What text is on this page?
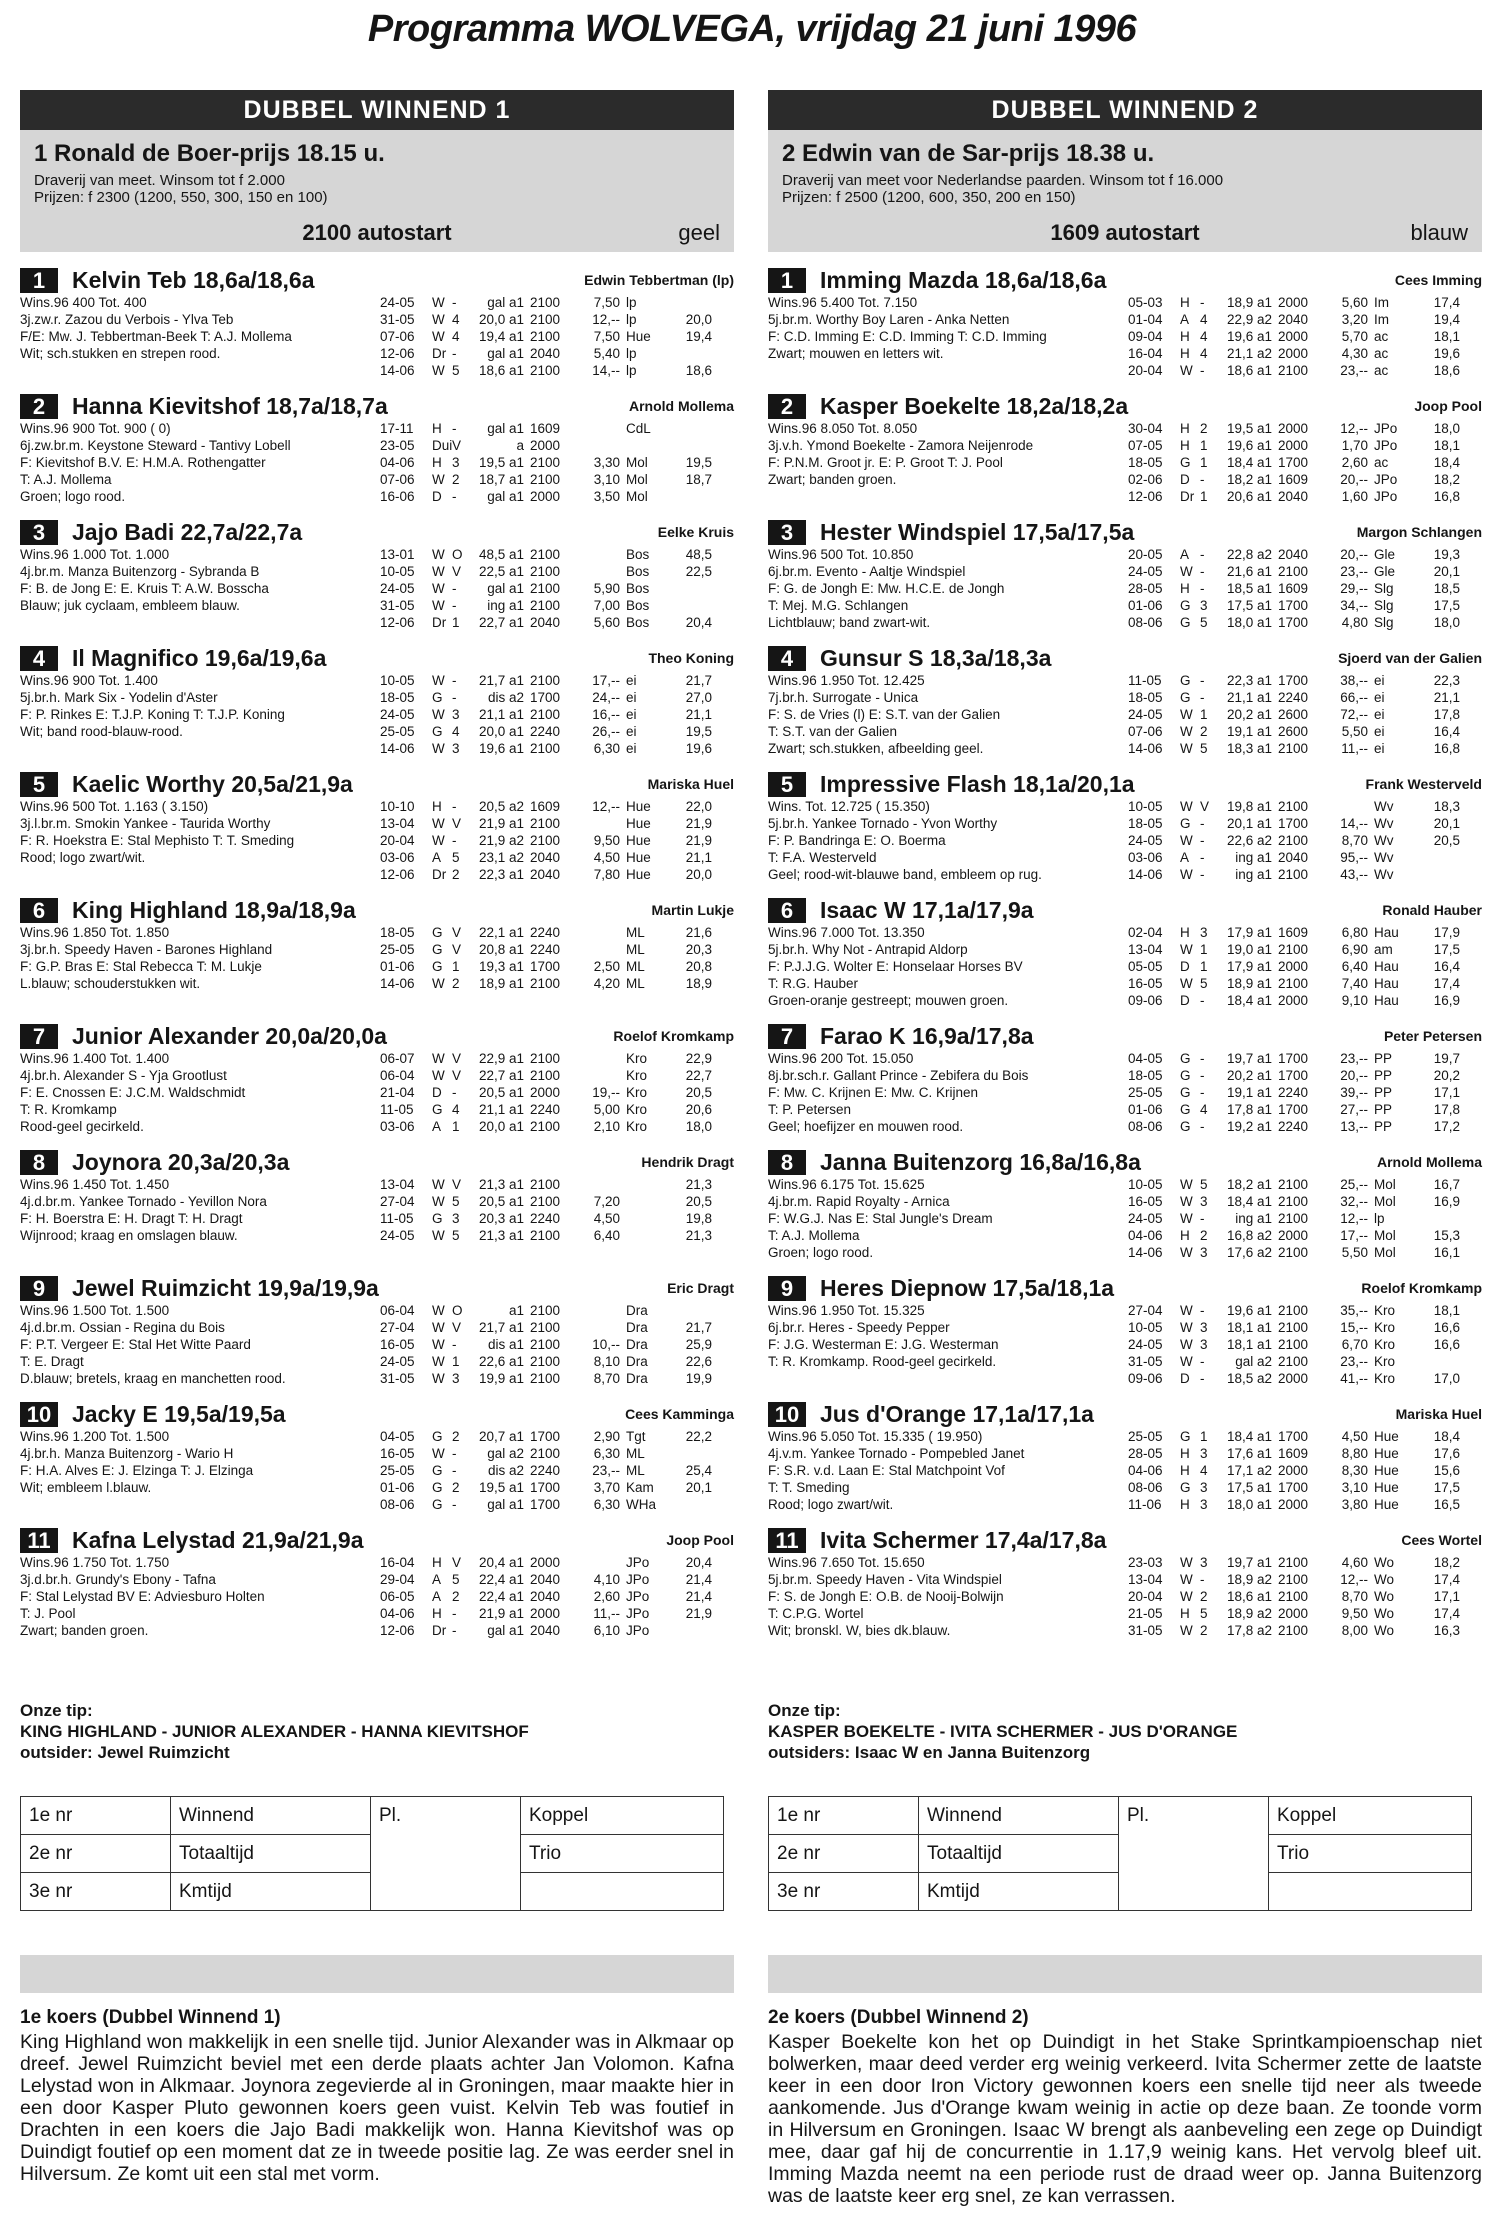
Programma WOLVEGA, vrijdag 21 juni 1996
DUBBEL WINNEND 1
1 Ronald de Boer-prijs 18.15 u.
Draverij van meet. Winsom tot f 2.000
Prijzen: f 2300 (1200, 550, 300, 150 en 100)
2100 autostart	geel
1	Kelvin Teb 18,6a/18,6a	Edwin Tebbertman (lp)
Wins.96 400 Tot. 400
3j.zw.r. Zazou du Verbois - Ylva Teb
F/E: Mw. J. Tebbertman-Beek T: A.J. Mollema
Wit; sch.stukken en strepen rood.
24-05	W -	gal a1 2100	7,50 lp
31-05	W 4	20,0 a1 2100	12,-- lp	20,0
07-06	W 4	19,4 a1 2100	7,50 Hue	19,4
12-06	Dr -	gal a1 2040	5,40 lp
14-06	W 5	18,6 a1 2100	14,-- lp	18,6
2	Hanna Kievitshof 18,7a/18,7a	Arnold Mollema
Wins.96 900 Tot. 900 ( 0)
6j.zw.br.m. Keystone Steward - Tantivy Lobell
F: Kievitshof B.V. E: H.M.A. Rothengatter
T: A.J. Mollema
Groen; logo rood.
17-11	H -	gal a1 1609	CdL
23-05	Dui V	a 2000
04-06	H 3	19,5 a1 2100	3,30 Mol	19,5
07-06	W 2	18,7 a1 2100	3,10 Mol	18,7
16-06	D -	gal a1 2000	3,50 Mol
3	Jajo Badi 22,7a/22,7a	Eelke Kruis
Wins.96 1.000 Tot. 1.000
4j.br.m. Manza Buitenzorg - Sybranda B
F: B. de Jong E: E. Kruis T: A.W. Bosscha
Blauw; juk cyclaam, embleem blauw.
13-01	W O	48,5 a1 2100	Bos	48,5
10-05	W V	22,5 a1 2100	Bos	22,5
24-05	W -	gal a1 2100	5,90 Bos
31-05	W -	ing a1 2100	7,00 Bos
12-06	Dr 1	22,7 a1 2040	5,60 Bos	20,4
4	Il Magnifico 19,6a/19,6a	Theo Koning
Wins.96 900 Tot. 1.400
5j.br.h. Mark Six - Yodelin d'Aster
F: P. Rinkes E: T.J.P. Koning T: T.J.P. Koning
Wit; band rood-blauw-rood.
10-05	W -	21,7 a1 2100	17,-- ei	21,7
18-05	G -	dis a2 1700	24,-- ei	27,0
24-05	W 3	21,1 a1 2100	16,-- ei	21,1
25-05	G 4	20,0 a1 2240	26,-- ei	19,5
14-06	W 3	19,6 a1 2100	6,30 ei	19,6
5	Kaelic Worthy 20,5a/21,9a	Mariska Huel
Wins.96 500 Tot. 1.163 ( 3.150)
3j.l.br.m. Smokin Yankee - Taurida Worthy
F: R. Hoekstra E: Stal Mephisto T: T. Smeding
Rood; logo zwart/wit.
10-10	H -	20,5 a2 1609	12,-- Hue	22,0
13-04	W V	21,9 a1 2100	Hue	21,9
20-04	W -	21,9 a2 2100	9,50 Hue	21,9
03-06	A 5	23,1 a2 2040	4,50 Hue	21,1
12-06	Dr 2	22,3 a1 2040	7,80 Hue	20,0
6	King Highland 18,9a/18,9a	Martin Lukje
Wins.96 1.850 Tot. 1.850
3j.br.h. Speedy Haven - Barones Highland
F: G.P. Bras E: Stal Rebecca T: M. Lukje
L.blauw; schouderstukken wit.
18-05	G V	22,1 a1 2240	ML	21,6
25-05	G V	20,8 a1 2240	ML	20,3
01-06	G 1	19,3 a1 1700	2,50 ML	20,8
14-06	W 2	18,9 a1 2100	4,20 ML	18,9
7	Junior Alexander 20,0a/20,0a	Roelof Kromkamp
Wins.96 1.400 Tot. 1.400
4j.br.h. Alexander S - Yja Grootlust
F: E. Cnossen E: J.C.M. Waldschmidt
T: R. Kromkamp
Rood-geel gecirkeld.
06-07	W V	22,9 a1 2100	Kro	22,9
06-04	W V	22,7 a1 2100	Kro	22,7
21-04	D -	20,5 a1 2000	19,-- Kro	20,5
11-05	G 4	21,1 a1 2240	5,00 Kro	20,6
03-06	A 1	20,0 a1 2100	2,10 Kro	18,0
8	Joynora 20,3a/20,3a	Hendrik Dragt
Wins.96 1.450 Tot. 1.450
4j.d.br.m. Yankee Tornado - Yevillon Nora
F: H. Boerstra E: H. Dragt T: H. Dragt
Wijnrood; kraag en omslagen blauw.
13-04	W V	21,3 a1 2100	21,3
27-04	W 5	20,5 a1 2100	7,20	20,5
11-05	G 3	20,3 a1 2240	4,50	19,8
24-05	W 5	21,3 a1 2100	6,40	21,3
9	Jewel Ruimzicht 19,9a/19,9a	Eric Dragt
Wins.96 1.500 Tot. 1.500
4j.d.br.m. Ossian - Regina du Bois
F: P.T. Vergeer E: Stal Het Witte Paard
T: E. Dragt
D.blauw; bretels, kraag en manchetten rood.
06-04	W O	a1 2100	Dra
27-04	W V	21,7 a1 2100	Dra	21,7
16-05	W -	dis a1 2100	10,-- Dra	25,9
24-05	W 1	22,6 a1 2100	8,10 Dra	22,6
31-05	W 3	19,9 a1 2100	8,70 Dra	19,9
10 Jacky E 19,5a/19,5a	Cees Kamminga
Wins.96 1.200 Tot. 1.500
4j.br.h. Manza Buitenzorg - Wario H
F: H.A. Alves E: J. Elzinga T: J. Elzinga
Wit; embleem l.blauw.
04-05	G 2	20,7 a1 1700	2,90 Tgt	22,2
16-05	W -	gal a2 2100	6,30 ML
25-05	G -	dis a2 2240	23,-- ML	25,4
01-06	G 2	19,5 a1 1700	3,70 Kam	20,1
08-06	G -	gal a1 1700	6,30 WHa
11 Kafna Lelystad 21,9a/21,9a	Joop Pool
Wins.96 1.750 Tot. 1.750
3j.d.br.h. Grundy's Ebony - Tafna
F: Stal Lelystad BV E: Adviesburo Holten
T: J. Pool
Zwart; banden groen.
16-04	H V	20,4 a1 2000	JPo	20,4
29-04	A 5	22,4 a1 2040	4,10 JPo	21,4
06-05	A 2	22,4 a1 2040	2,60 JPo	21,4
04-06	H -	21,9 a1 2000	11,-- JPo	21,9
12-06	Dr -	gal a1 2040	6,10 JPo
Onze tip:
KING HIGHLAND - JUNIOR ALEXANDER - HANNA KIEVITSHOF
outsider: Jewel Ruimzicht
1e nr	Winnend	Pl.	Koppel
2e nr	Totaaltijd		Trio
3e nr	Kmtijd		
1e koers (Dubbel Winnend 1)
King Highland won makkelijk in een snelle tijd. Junior Alexander was in Alkmaar op dreef. Jewel Ruimzicht beviel met een derde plaats achter Jan Volomon. Kafna Lelystad won in Alkmaar. Joynora zegevierde al in Groningen, maar maakte hier in een door Kasper Pluto gewonnen koers geen vuist. Kelvin Teb was foutief in Drachten in een koers die Jajo Badi makkelijk won. Hanna Kievitshof was op Duindigt foutief op een moment dat ze in tweede positie lag. Ze was eerder snel in Hilversum. Ze komt uit een stal met vorm.
DUBBEL WINNEND 2
2 Edwin van de Sar-prijs 18.38 u.
Draverij van meet voor Nederlandse paarden. Winsom tot f 16.000
Prijzen: f 2500 (1200, 600, 350, 200 en 150)
1609 autostart	blauw
1	Imming Mazda 18,6a/18,6a	Cees Imming
Wins.96 5.400 Tot. 7.150
5j.br.m. Worthy Boy Laren - Anka Netten
F: C.D. Imming E: C.D. Imming T: C.D. Imming
Zwart; mouwen en letters wit.
05-03	H -	18,9 a1 2000	5,60 Im	17,4
01-04	A 4	22,9 a2 2040	3,20 Im	19,4
09-04	H 4	19,6 a1 2000	5,70 ac	18,1
16-04	H 4	21,1 a2 2000	4,30 ac	19,6
20-04	W -	18,6 a1 2100	23,-- ac	18,6
2	Kasper Boekelte 18,2a/18,2a	Joop Pool
Wins.96 8.050 Tot. 8.050
3j.v.h. Ymond Boekelte - Zamora Neijenrode
F: P.N.M. Groot jr. E: P. Groot T: J. Pool
Zwart; banden groen.
30-04	H 2	19,5 a1 2000	12,-- JPo	18,0
07-05	H 1	19,6 a1 2000	1,70 JPo	18,1
18-05	G 1	18,4 a1 1700	2,60 ac	18,4
02-06	D -	18,2 a1 1609	20,-- JPo	18,2
12-06	Dr 1	20,6 a1 2040	1,60 JPo	16,8
3	Hester Windspiel 17,5a/17,5a	Margon Schlangen
Wins.96 500 Tot. 10.850
6j.br.m. Evento - Aaltje Windspiel
F: G. de Jongh E: Mw. H.C.E. de Jongh
T: Mej. M.G. Schlangen
Lichtblauw; band zwart-wit.
20-05	A -	22,8 a2 2040	20,-- Gle	19,3
24-05	W -	21,6 a1 2100	23,-- Gle	20,1
28-05	H -	18,5 a1 1609	29,-- Slg	18,5
01-06	G 3	17,5 a1 1700	34,-- Slg	17,5
08-06	G 5	18,0 a1 1700	4,80 Slg	18,0
4	Gunsur S 18,3a/18,3a	Sjoerd van der Galien
Wins.96 1.950 Tot. 12.425
7j.br.h. Surrogate - Unica
F: S. de Vries (l) E: S.T. van der Galien
T: S.T. van der Galien
Zwart; sch.stukken, afbeelding geel.
11-05	G -	22,3 a1 1700	38,-- ei	22,3
18-05	G -	21,1 a1 2240	66,-- ei	21,1
24-05	W 1	20,2 a1 2600	72,-- ei	17,8
07-06	W 2	19,1 a1 2600	5,50 ei	16,4
14-06	W 5	18,3 a1 2100	11,-- ei	16,8
5	Impressive Flash 18,1a/20,1a	Frank Westerveld
Wins. Tot. 12.725 ( 15.350)
5j.br.h. Yankee Tornado - Yvon Worthy
F: P. Bandringa E: O. Boerma
T: F.A. Westerveld
Geel; rood-wit-blauwe band, embleem op rug.
10-05	W V	19,8 a1 2100	Wv	18,3
18-05	G -	20,1 a1 1700	14,-- Wv	20,1
24-05	W -	22,6 a2 2100	8,70 Wv	20,5
03-06	A -	ing a1 2040	95,-- Wv
14-06	W -	ing a1 2100	43,-- Wv
6	Isaac W 17,1a/17,9a	Ronald Hauber
Wins.96 7.000 Tot. 13.350
5j.br.h. Why Not - Antrapid Aldorp
F: P.J.J.G. Wolter E: Honselaar Horses BV
T: R.G. Hauber
Groen-oranje gestreept; mouwen groen.
02-04	H 3	17,9 a1 1609	6,80 Hau	17,9
13-04	W 1	19,0 a1 2100	6,90 am	17,5
05-05	D 1	17,9 a1 2000	6,40 Hau	16,4
16-05	W 5	18,9 a1 2100	7,40 Hau	17,4
09-06	D -	18,4 a1 2000	9,10 Hau	16,9
7	Farao K 16,9a/17,8a	Peter Petersen
Wins.96 200 Tot. 15.050
8j.br.sch.r. Gallant Prince - Zebifera du Bois
F: Mw. C. Krijnen E: Mw. C. Krijnen
T: P. Petersen
Geel; hoefijzer en mouwen rood.
04-05	G -	19,7 a1 1700	23,-- PP	19,7
18-05	G -	20,2 a1 1700	20,-- PP	20,2
25-05	G -	19,1 a1 2240	39,-- PP	17,1
01-06	G 4	17,8 a1 1700	27,-- PP	17,8
08-06	G -	19,2 a1 2240	13,-- PP	17,2
8	Janna Buitenzorg 16,8a/16,8a	Arnold Mollema
Wins.96 6.175 Tot. 15.625
4j.br.m. Rapid Royalty - Arnica
F: W.G.J. Nas E: Stal Jungle's Dream
T: A.J. Mollema
Groen; logo rood.
10-05	W 5	18,2 a1 2100	25,-- Mol	16,7
16-05	W 3	18,4 a1 2100	32,-- Mol	16,9
24-05	W -	ing a1 2100	12,-- lp
04-06	H 2	16,8 a2 2000	17,-- Mol	15,3
14-06	W 3	17,6 a2 2100	5,50 Mol	16,1
9	Heres Diepnow 17,5a/18,1a	Roelof Kromkamp
Wins.96 1.950 Tot. 15.325
6j.br.r. Heres - Speedy Pepper
F: J.G. Westerman E: J.G. Westerman
T: R. Kromkamp. Rood-geel gecirkeld.
27-04	W -	19,6 a1 2100	35,-- Kro	18,1
10-05	W 3	18,1 a1 2100	15,-- Kro	16,6
24-05	W 3	18,1 a1 2100	6,70 Kro	16,6
31-05	W -	gal a2 2100	23,-- Kro
09-06	D -	18,5 a2 2000	41,-- Kro	17,0
10 Jus d'Orange 17,1a/17,1a	Mariska Huel
Wins.96 5.050 Tot. 15.335 ( 19.950)
4j.v.m. Yankee Tornado - Pompebled Janet
F: S.R. v.d. Laan E: Stal Matchpoint Vof
T: T. Smeding
Rood; logo zwart/wit.
25-05	G 1	18,4 a1 1700	4,50 Hue	18,4
28-05	H 3	17,6 a1 1609	8,80 Hue	17,6
04-06	H 4	17,1 a2 2000	8,30 Hue	15,6
08-06	G 3	17,5 a1 1700	3,10 Hue	17,5
11-06	H 3	18,0 a1 2000	3,80 Hue	16,5
11 Ivita Schermer 17,4a/17,8a	Cees Wortel
Wins.96 7.650 Tot. 15.650
5j.br.m. Speedy Haven - Vita Windspiel
F: S. de Jongh E: O.B. de Nooij-Bolwijn
T: C.P.G. Wortel
Wit; bronskl. W, bies dk.blauw.
23-03	W 3	19,7 a1 2100	4,60 Wo	18,2
13-04	W -	18,9 a2 2100	12,-- Wo	17,4
20-04	W 2	18,6 a1 2100	8,70 Wo	17,1
21-05	H 5	18,9 a2 2000	9,50 Wo	17,4
31-05	W 2	17,8 a2 2100	8,00 Wo	16,3
Onze tip:
KASPER BOEKELTE - IVITA SCHERMER - JUS D'ORANGE
outsiders: Isaac W en Janna Buitenzorg
1e nr	Winnend	Pl.	Koppel
2e nr	Totaaltijd		Trio
3e nr	Kmtijd		
2e koers (Dubbel Winnend 2)
Kasper Boekelte kon het op Duindigt in het Stake Sprintkampioenschap niet bolwerken, maar deed verder erg weinig verkeerd. Ivita Schermer zette de laatste keer in een door Iron Victory gewonnen koers een snelle tijd neer als tweede aankomende. Jus d'Orange kwam weinig in actie op deze baan. Ze toonde vorm in Hilversum en Groningen. Isaac W brengt als aanbeveling een zege op Duindigt mee, daar gaf hij de concurrentie in 1.17,9 weinig kans. Het vervolg bleef uit. Imming Mazda neemt na een periode rust de draad weer op. Janna Buitenzorg was de laatste keer erg snel, ze kan verrassen.
